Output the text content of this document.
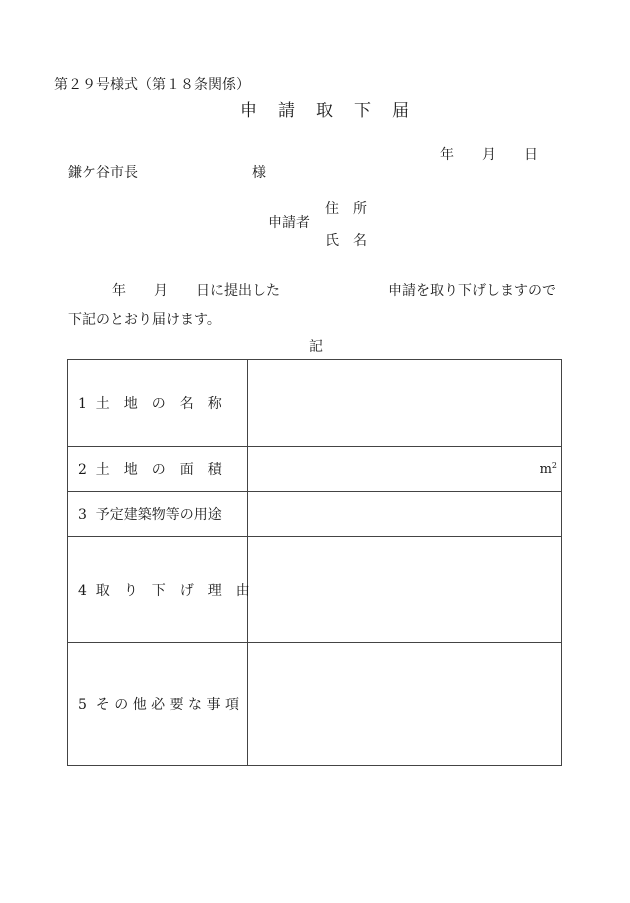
第２９号様式（第１８条関係）
申　請　取　下　届
年　　月　　日
鎌ケ谷市長	様
申請者
住　所
氏　名
年　　月　　日に提出した	申請を取り下げしますので
下記のとおり届けます。
記
1  土　地　の　名　称	
2  土　地　の　面　積	$m^2$

3  予定建築物等の用途	
4  取　り　下　げ　理　由	
5  そ の 他 必 要 な 事 項	
